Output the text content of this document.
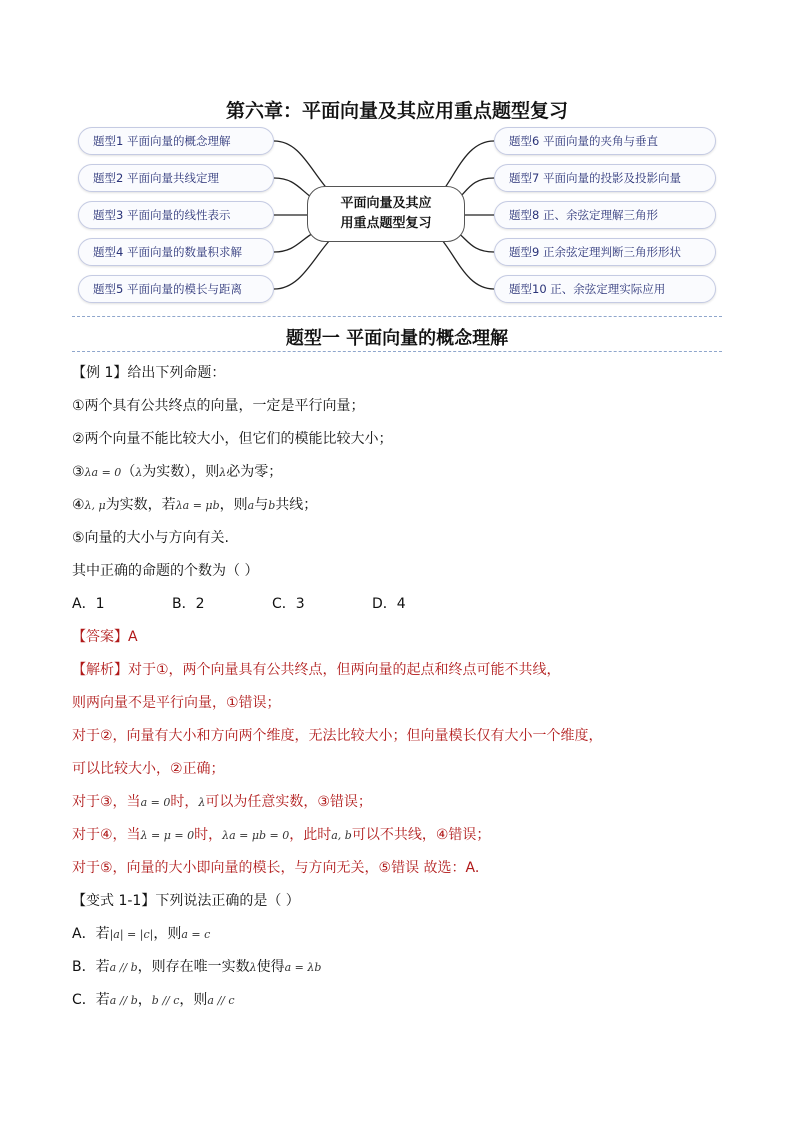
题型1 平面向量的概念理解
题型2 平面向量共线定理
题型3 平面向量的线性表示
题型4 平面向量的数量积求解
题型5 平面向量的模长与距离
题型6 平面向量的夹角与垂直
题型7 平面向量的投影及投影向量
题型8 正、余弦定理解三角形
题型9 正余弦定理判断三角形形状
题型10 正、余弦定理实际应用
平面向量及其应
用重点题型复习
第六章：平面向量及其应用重点题型复习
题型一 平面向量的概念理解
【例 1】给出下列命题：
①两个具有公共终点的向量，一定是平行向量；
②两个向量不能比较大小，但它们的模能比较大小；
③λa = 0（λ为实数），则λ必为零；
④λ, μ为实数，若λa = μb，则a与b共线；
⑤向量的大小与方向有关.
其中正确的命题的个数为（ ）
A．1	B．2	C．3	D．4
【答案】A
【解析】对于①，两个向量具有公共终点，但两向量的起点和终点可能不共线，
则两向量不是平行向量，①错误；
对于②，向量有大小和方向两个维度，无法比较大小；但向量模长仅有大小一个维度，
可以比较大小，②正确；
对于③，当a = 0时，λ可以为任意实数，③错误；
对于④，当λ = μ = 0时，λa = μb = 0，此时a, b可以不共线，④错误；
对于⑤，向量的大小即向量的模长，与方向无关，⑤错误 故选：A.
【变式 1-1】下列说法正确的是（ ）
A．若|a| = |c|，则a = c
B．若a // b，则存在唯一实数λ使得a = λb
C．若a // b，b // c，则a // c
